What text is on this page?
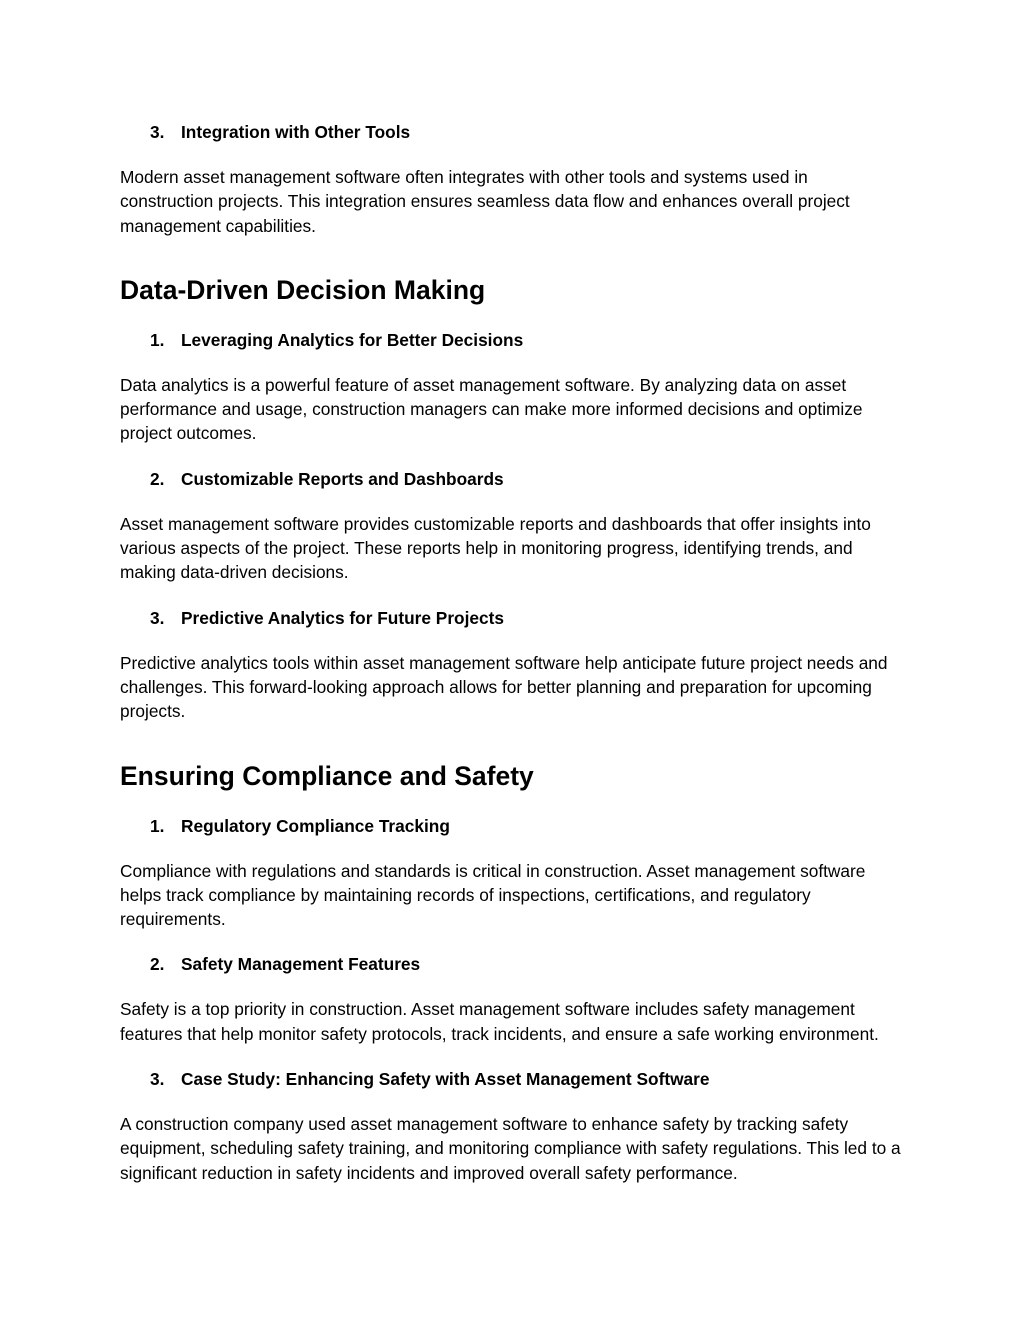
3. Integration with Other Tools

Modern asset management software often integrates with other tools and systems used in construction projects. This integration ensures seamless data flow and enhances overall project management capabilities.

Data-Driven Decision Making
1. Leveraging Analytics for Better Decisions

Data analytics is a powerful feature of asset management software. By analyzing data on asset performance and usage, construction managers can make more informed decisions and optimize project outcomes.

2. Customizable Reports and Dashboards

Asset management software provides customizable reports and dashboards that offer insights into various aspects of the project. These reports help in monitoring progress, identifying trends, and making data-driven decisions.

3. Predictive Analytics for Future Projects

Predictive analytics tools within asset management software help anticipate future project needs and challenges. This forward-looking approach allows for better planning and preparation for upcoming projects.

Ensuring Compliance and Safety
1. Regulatory Compliance Tracking

Compliance with regulations and standards is critical in construction. Asset management software helps track compliance by maintaining records of inspections, certifications, and regulatory requirements.

2. Safety Management Features

Safety is a top priority in construction. Asset management software includes safety management features that help monitor safety protocols, track incidents, and ensure a safe working environment.

3. Case Study: Enhancing Safety with Asset Management Software

A construction company used asset management software to enhance safety by tracking safety equipment, scheduling safety training, and monitoring compliance with safety regulations. This led to a significant reduction in safety incidents and improved overall safety performance.
